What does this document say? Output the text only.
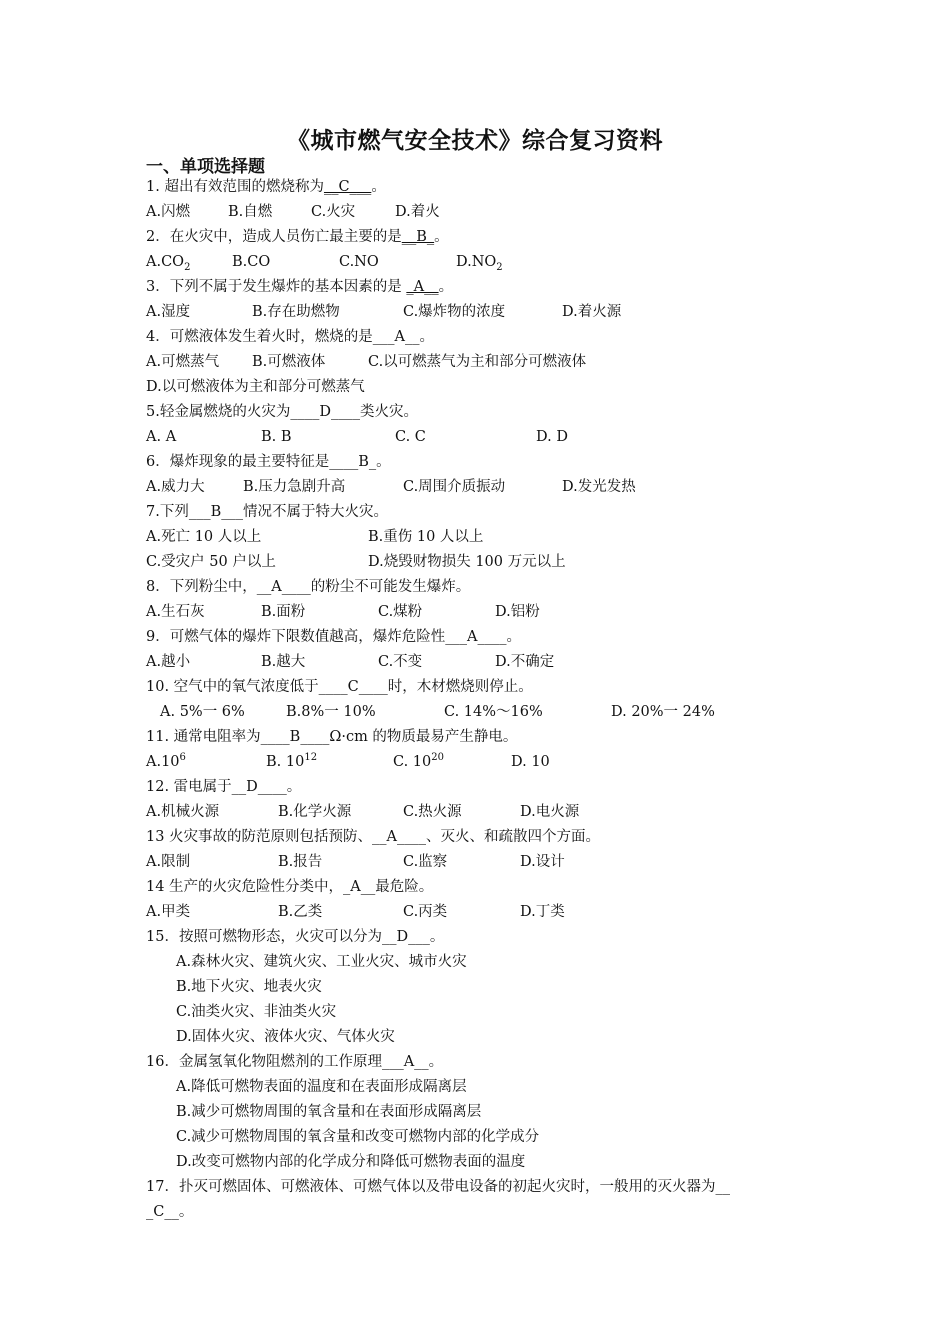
《城市燃气安全技术》综合复习资料
一、单项选择题
1. 超出有效范围的燃烧称为__C___。
A.闪燃	B.自燃	C.火灾	D.着火
2．在火灾中，造成人员伤亡最主要的是__B_。
$A.CO_2$	B.CO	C.NO	$D.NO_2$
3．下列不属于发生爆炸的基本因素的是 _A__。
A.湿度	B.存在助燃物	C.爆炸物的浓度	D.着火源
4．可燃液体发生着火时，燃烧的是___A__。
A.可燃蒸气 B.可燃液体	C.以可燃蒸气为主和部分可燃液体
D.以可燃液体为主和部分可燃蒸气
5.轻金属燃烧的火灾为____D____类火灾。
A. A	B. B	C. C	D. D
6．爆炸现象的最主要特征是____B_。
A.威力大	B.压力急剧升高	C.周围介质振动	D.发光发热
7.下列___B___情况不属于特大火灾。
A.死亡 10 人以上	B.重伤 10 人以上
C.受灾户 50 户以上	D.烧毁财物损失 100 万元以上
8．下列粉尘中，__A____的粉尘不可能发生爆炸。
A.生石灰	B.面粉	C.煤粉	D.铝粉
9．可燃气体的爆炸下限数值越高，爆炸危险性___A____。
A.越小	B.越大	C.不变	D.不确定
10. 空气中的氧气浓度低于____C____时，木材燃烧则停止。
A. 5%一 6%	B.8%一 10%	C. 14%～16%	D. 20%一 24%
11. 通常电阻率为____B____Ω·cm 的物质最易产生静电。
$A.10^6$	B. $10^{12}$	C. $10^{20}$	D. 10
12. 雷电属于__D____。
A.机械火源	B.化学火源	C.热火源	D.电火源
13 火灾事故的防范原则包括预防、__A____、灭火、和疏散四个方面。
A.限制	B.报告	C.监察	D.设计
14 生产的火灾危险性分类中，_A__最危险。
A.甲类	B.乙类	C.丙类	D.丁类
15．按照可燃物形态，火灾可以分为__D___。
A.森林火灾、建筑火灾、工业火灾、城市火灾
B.地下火灾、地表火灾
C.油类火灾、非油类火灾
D.固体火灾、液体火灾、气体火灾
16．金属氢氧化物阻燃剂的工作原理___A__。
A.降低可燃物表面的温度和在表面形成隔离层
B.减少可燃物周围的氧含量和在表面形成隔离层
C.减少可燃物周围的氧含量和改变可燃物内部的化学成分
D.改变可燃物内部的化学成分和降低可燃物表面的温度
17．扑灭可燃固体、可燃液体、可燃气体以及带电设备的初起火灾时，一般用的灭火器为__
_C__。
